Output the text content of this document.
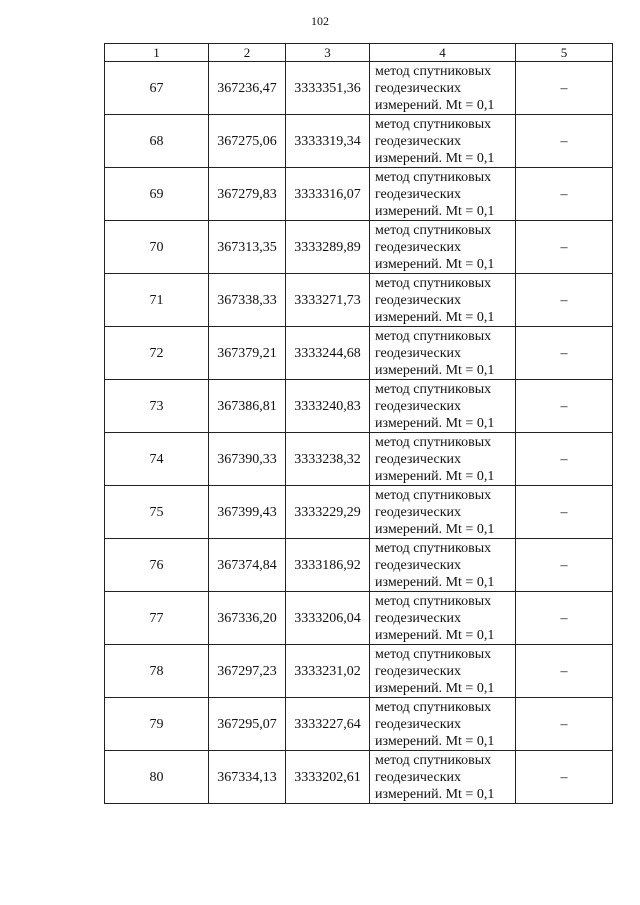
102
1	2	3	4	5
67	367236,47	3333351,36	метод спутниковых
геодезических
измерений. Mt = 0,1	–
68	367275,06	3333319,34	метод спутниковых
геодезических
измерений. Mt = 0,1	–
69	367279,83	3333316,07	метод спутниковых
геодезических
измерений. Mt = 0,1	–
70	367313,35	3333289,89	метод спутниковых
геодезических
измерений. Mt = 0,1	–
71	367338,33	3333271,73	метод спутниковых
геодезических
измерений. Mt = 0,1	–
72	367379,21	3333244,68	метод спутниковых
геодезических
измерений. Mt = 0,1	–
73	367386,81	3333240,83	метод спутниковых
геодезических
измерений. Mt = 0,1	–
74	367390,33	3333238,32	метод спутниковых
геодезических
измерений. Mt = 0,1	–
75	367399,43	3333229,29	метод спутниковых
геодезических
измерений. Mt = 0,1	–
76	367374,84	3333186,92	метод спутниковых
геодезических
измерений. Mt = 0,1	–
77	367336,20	3333206,04	метод спутниковых
геодезических
измерений. Mt = 0,1	–
78	367297,23	3333231,02	метод спутниковых
геодезических
измерений. Mt = 0,1	–
79	367295,07	3333227,64	метод спутниковых
геодезических
измерений. Mt = 0,1	–
80	367334,13	3333202,61	метод спутниковых
геодезических
измерений. Mt = 0,1	–
